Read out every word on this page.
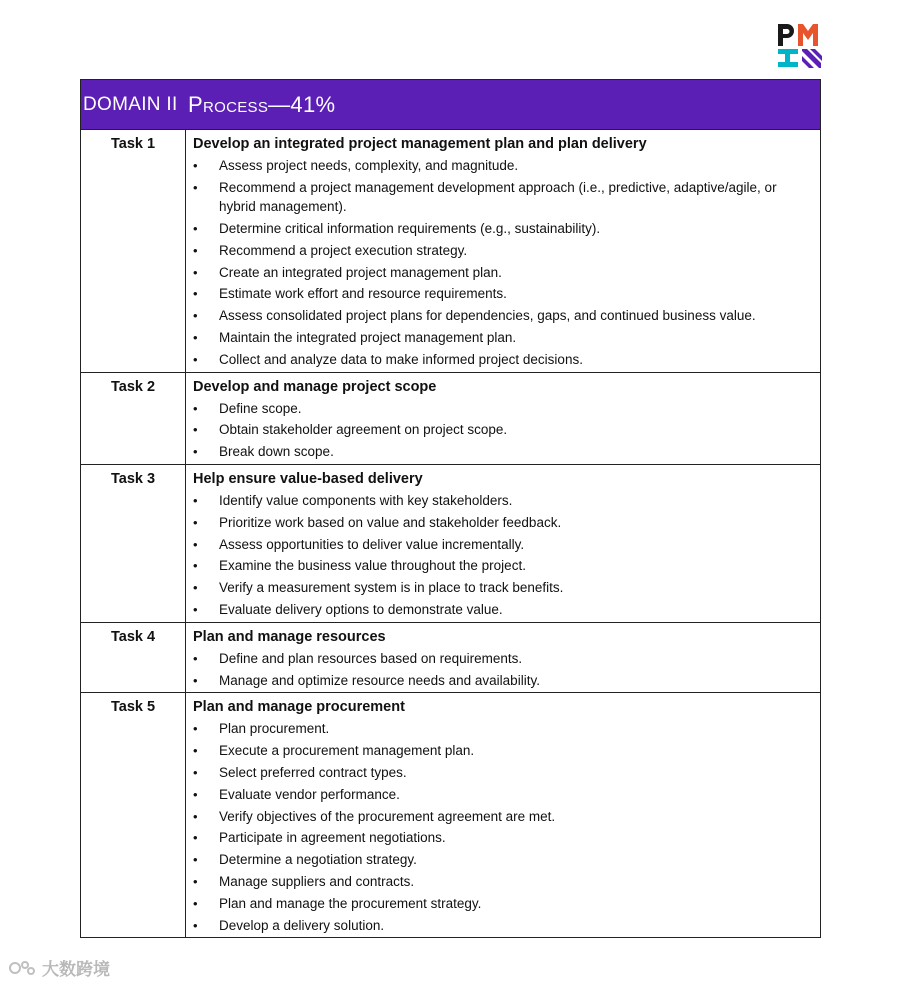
DOMAIN II Process—41%
Task 1	Develop an integrated project management plan and plan delivery
• Assess project needs, complexity, and magnitude.
• Recommend a project management development approach (i.e., predictive, adaptive/agile, or hybrid management).
• Determine critical information requirements (e.g., sustainability).
• Recommend a project execution strategy.
• Create an integrated project management plan.
• Estimate work effort and resource requirements.
• Assess consolidated project plans for dependencies, gaps, and continued business value.
• Maintain the integrated project management plan.
• Collect and analyze data to make informed project decisions.
Task 2	Develop and manage project scope
• Define scope.
• Obtain stakeholder agreement on project scope.
• Break down scope.
Task 3	Help ensure value-based delivery
• Identify value components with key stakeholders.
• Prioritize work based on value and stakeholder feedback.
• Assess opportunities to deliver value incrementally.
• Examine the business value throughout the project.
• Verify a measurement system is in place to track benefits.
• Evaluate delivery options to demonstrate value.
Task 4	Plan and manage resources
• Define and plan resources based on requirements.
• Manage and optimize resource needs and availability.
Task 5	Plan and manage procurement
• Plan procurement.
• Execute a procurement management plan.
• Select preferred contract types.
• Evaluate vendor performance.
• Verify objectives of the procurement agreement are met.
• Participate in agreement negotiations.
• Determine a negotiation strategy.
• Manage suppliers and contracts.
• Plan and manage the procurement strategy.
• Develop a delivery solution.
大数跨境
